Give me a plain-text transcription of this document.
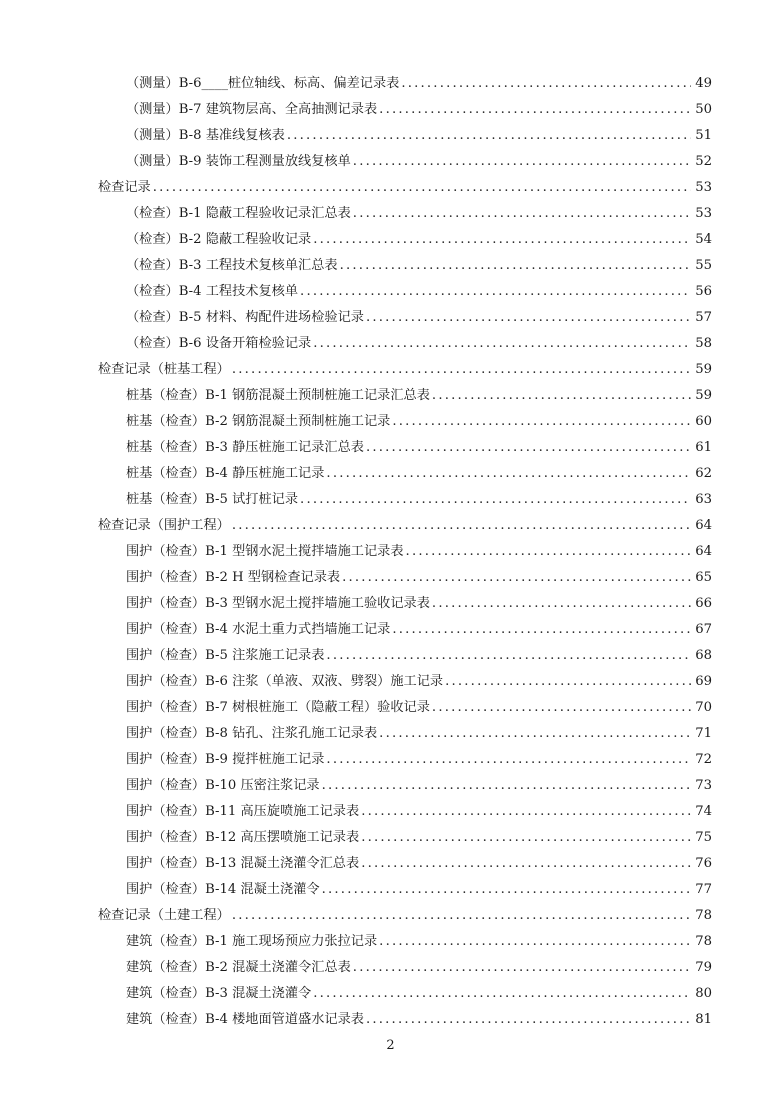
（测量）B-6____桩位轴线、标高、偏差记录表 .....	49
（测量）B-7 建筑物层高、全高抽测记录表 .....	50
（测量）B-8 基准线复核表 .....	51
（测量）B-9 装饰工程测量放线复核单 .....	52
检查记录 .....	53
（检查）B-1 隐蔽工程验收记录汇总表 .....	53
（检查）B-2 隐蔽工程验收记录 .....	54
（检查）B-3 工程技术复核单汇总表 .....	55
（检查）B-4 工程技术复核单 .....	56
（检查）B-5 材料、构配件进场检验记录 .....	57
（检查）B-6 设备开箱检验记录 .....	58
检查记录（桩基工程） .....	59
桩基（检查）B-1 钢筋混凝土预制桩施工记录汇总表 .....	59
桩基（检查）B-2 钢筋混凝土预制桩施工记录 .....	60
桩基（检查）B-3 静压桩施工记录汇总表 .....	61
桩基（检查）B-4 静压桩施工记录 .....	62
桩基（检查）B-5 试打桩记录 .....	63
检查记录（围护工程） .....	64
围护（检查）B-1 型钢水泥土搅拌墙施工记录表 .....	64
围护（检查）B-2 H 型钢检查记录表 .....	65
围护（检查）B-3 型钢水泥土搅拌墙施工验收记录表 .....	66
围护（检查）B-4 水泥土重力式挡墙施工记录 .....	67
围护（检查）B-5 注浆施工记录表 .....	68
围护（检查）B-6 注浆（单液、双液、劈裂）施工记录 .....	69
围护（检查）B-7 树根桩施工（隐蔽工程）验收记录 .....	70
围护（检查）B-8 钻孔、注浆孔施工记录表 .....	71
围护（检查）B-9 搅拌桩施工记录 .....	72
围护（检查）B-10 压密注浆记录 .....	73
围护（检查）B-11 高压旋喷施工记录表 .....	74
围护（检查）B-12 高压摆喷施工记录表 .....	75
围护（检查）B-13 混凝土浇灌令汇总表 .....	76
围护（检查）B-14 混凝土浇灌令 .....	77
检查记录（土建工程） .....	78
建筑（检查）B-1 施工现场预应力张拉记录 .....	78
建筑（检查）B-2 混凝土浇灌令汇总表 .....	79
建筑（检查）B-3 混凝土浇灌令 .....	80
建筑（检查）B-4 楼地面管道盛水记录表 .....	81
2
